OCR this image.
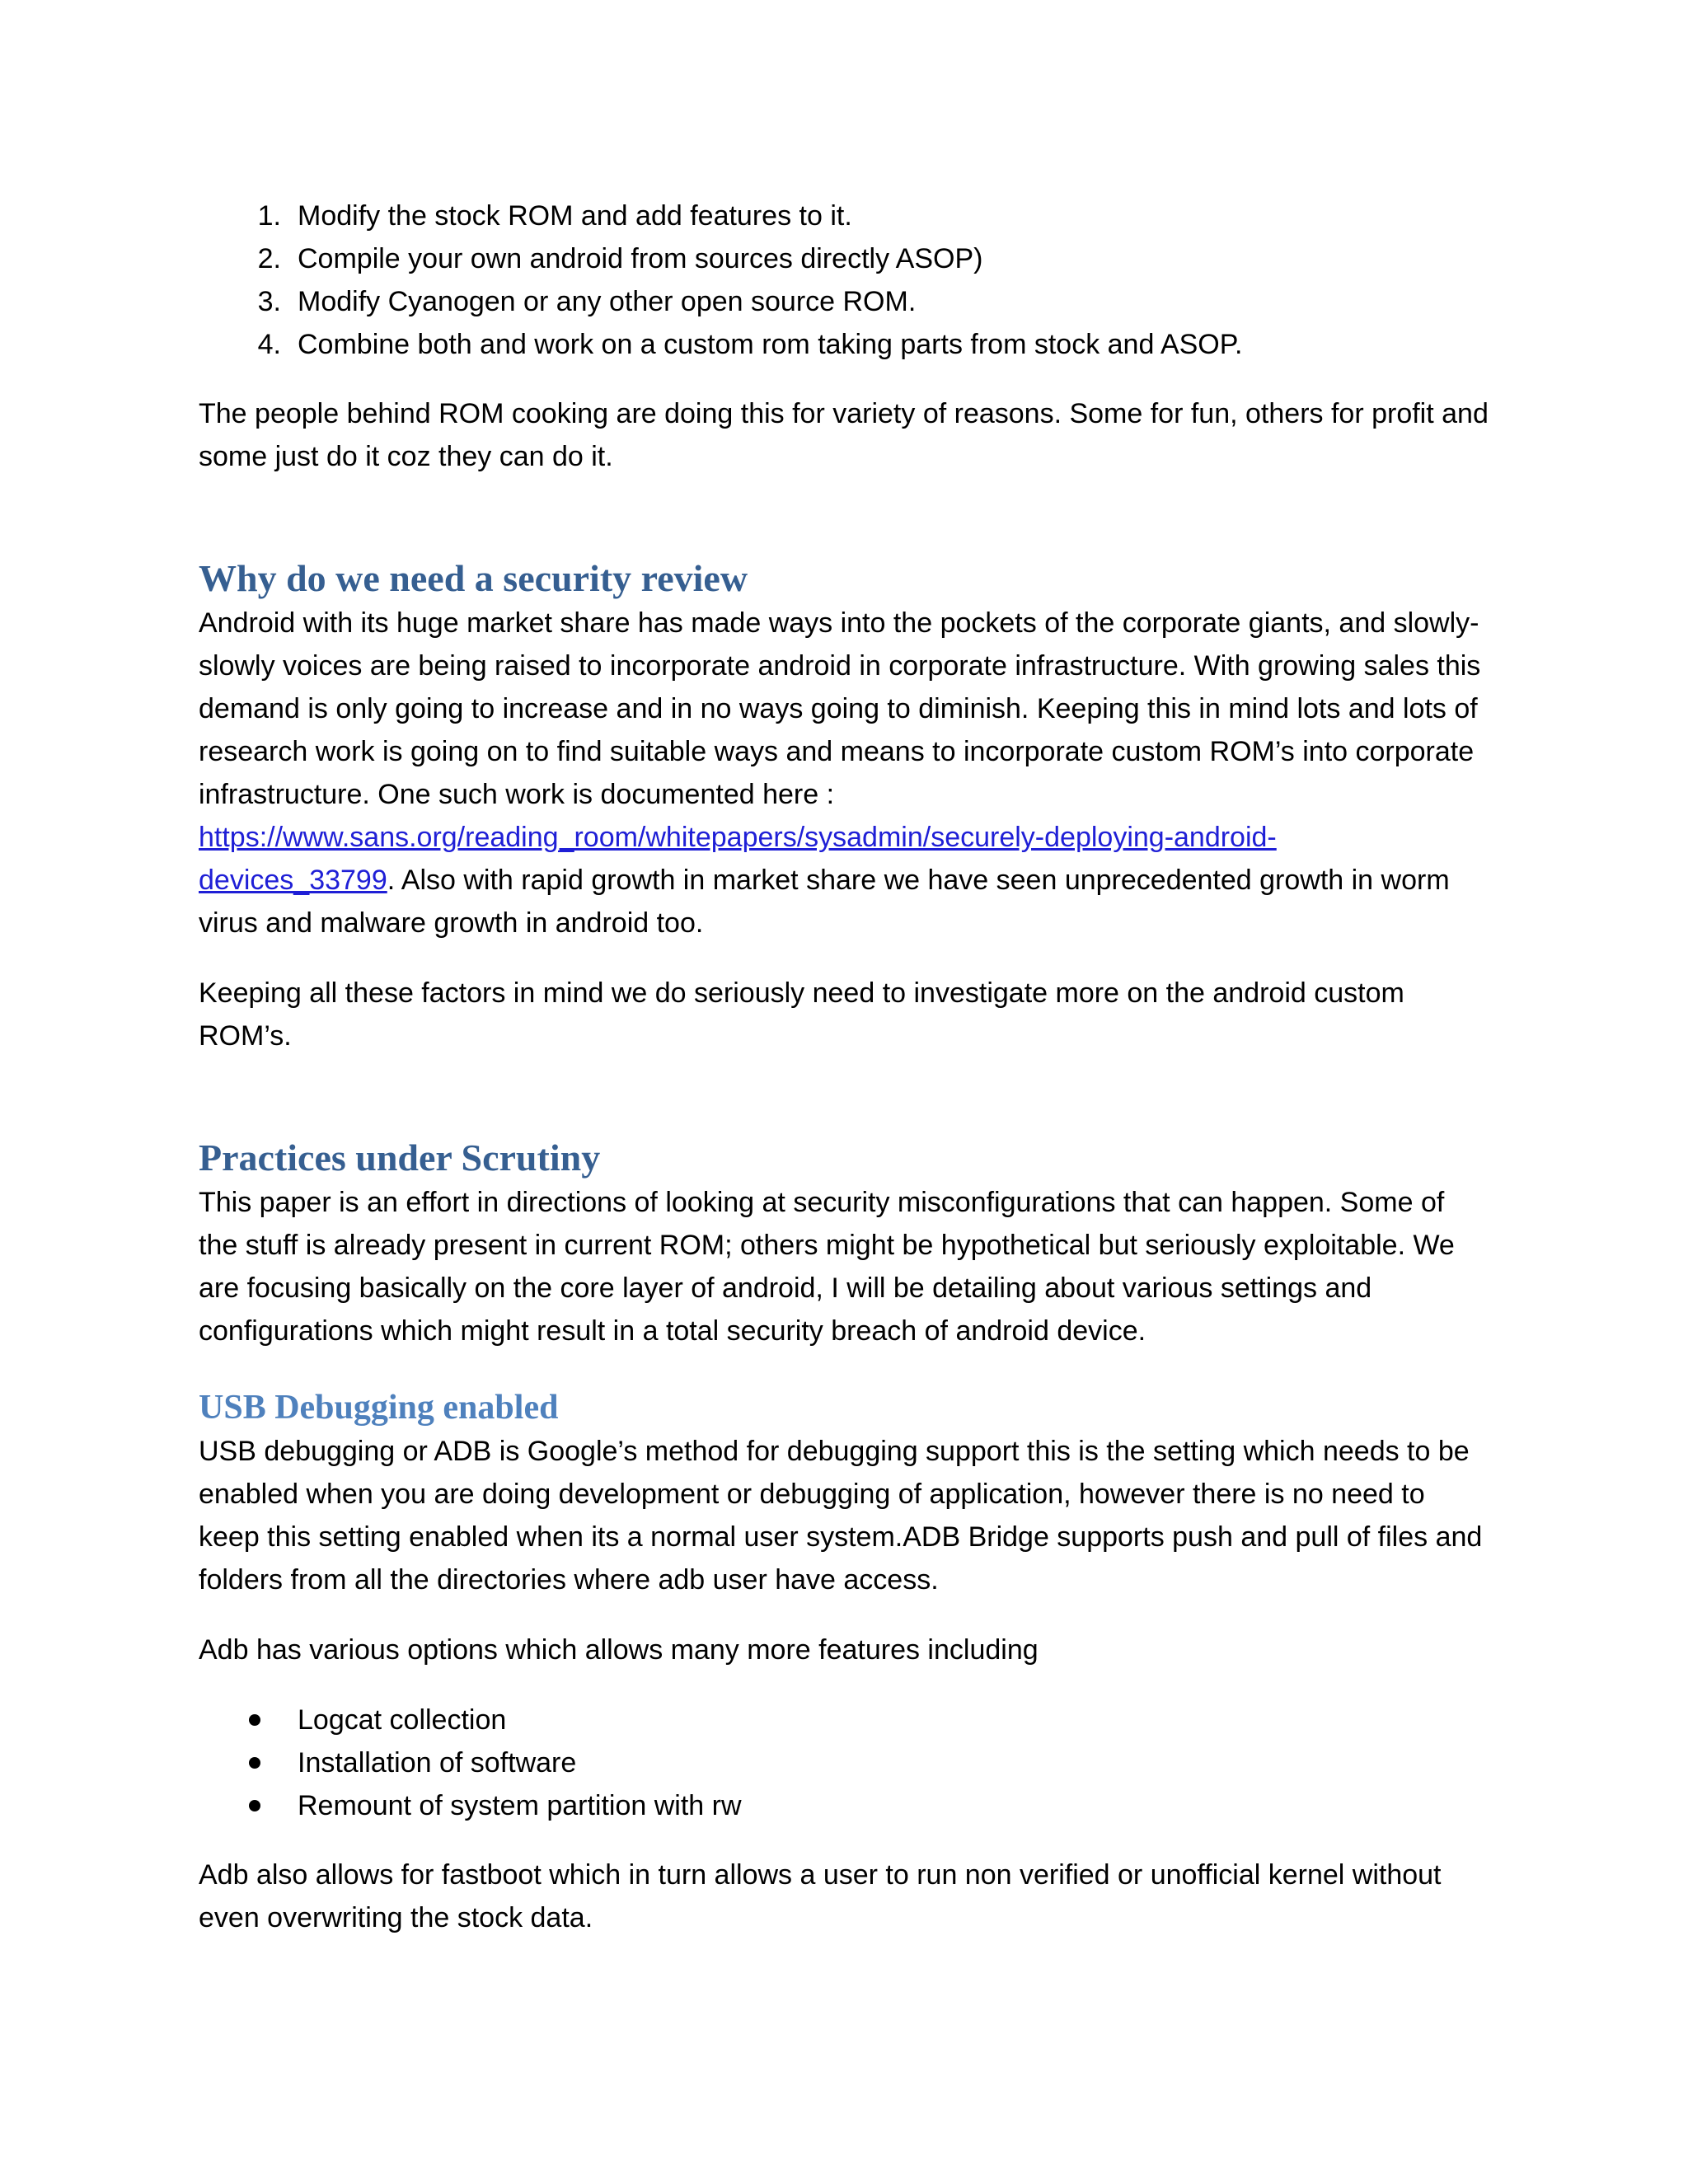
1. Modify the stock ROM and add features to it.
2. Compile your own android from sources directly ASOP)
3. Modify Cyanogen or any other open source ROM.
4. Combine both and work on a custom rom taking parts from stock and ASOP.

The people behind ROM cooking are doing this for variety of reasons. Some for fun, others for profit and
some just do it coz they can do it.

Why do we need a security review

Android with its huge market share has made ways into the pockets of the corporate giants, and slowly-
slowly voices are being raised to incorporate android in corporate infrastructure. With growing sales this
demand is only going to increase and in no ways going to diminish. Keeping this in mind lots and lots of
research work is going on to find suitable ways and means to incorporate custom ROM’s into corporate
infrastructure. One such work is documented here :
https://www.sans.org/reading_room/whitepapers/sysadmin/securely-deploying-android-
devices_33799. Also with rapid growth in market share we have seen unprecedented growth in worm
virus and malware growth in android too.

Keeping all these factors in mind we do seriously need to investigate more on the android custom
ROM’s.

Practices under Scrutiny

This paper is an effort in directions of looking at security misconfigurations that can happen. Some of
the stuff is already present in current ROM; others might be hypothetical but seriously exploitable. We
are focusing basically on the core layer of android, I will be detailing about various settings and
configurations which might result in a total security breach of android device.

USB Debugging enabled

USB debugging or ADB is Google’s method for debugging support this is the setting which needs to be
enabled when you are doing development or debugging of application, however there is no need to
keep this setting enabled when its a normal user system.ADB Bridge supports push and pull of files and
folders from all the directories where adb user have access.

Adb has various options which allows many more features including

Logcat collection
Installation of software
Remount of system partition with rw

Adb also allows for fastboot which in turn allows a user to run non verified or unofficial kernel without
even overwriting the stock data.
